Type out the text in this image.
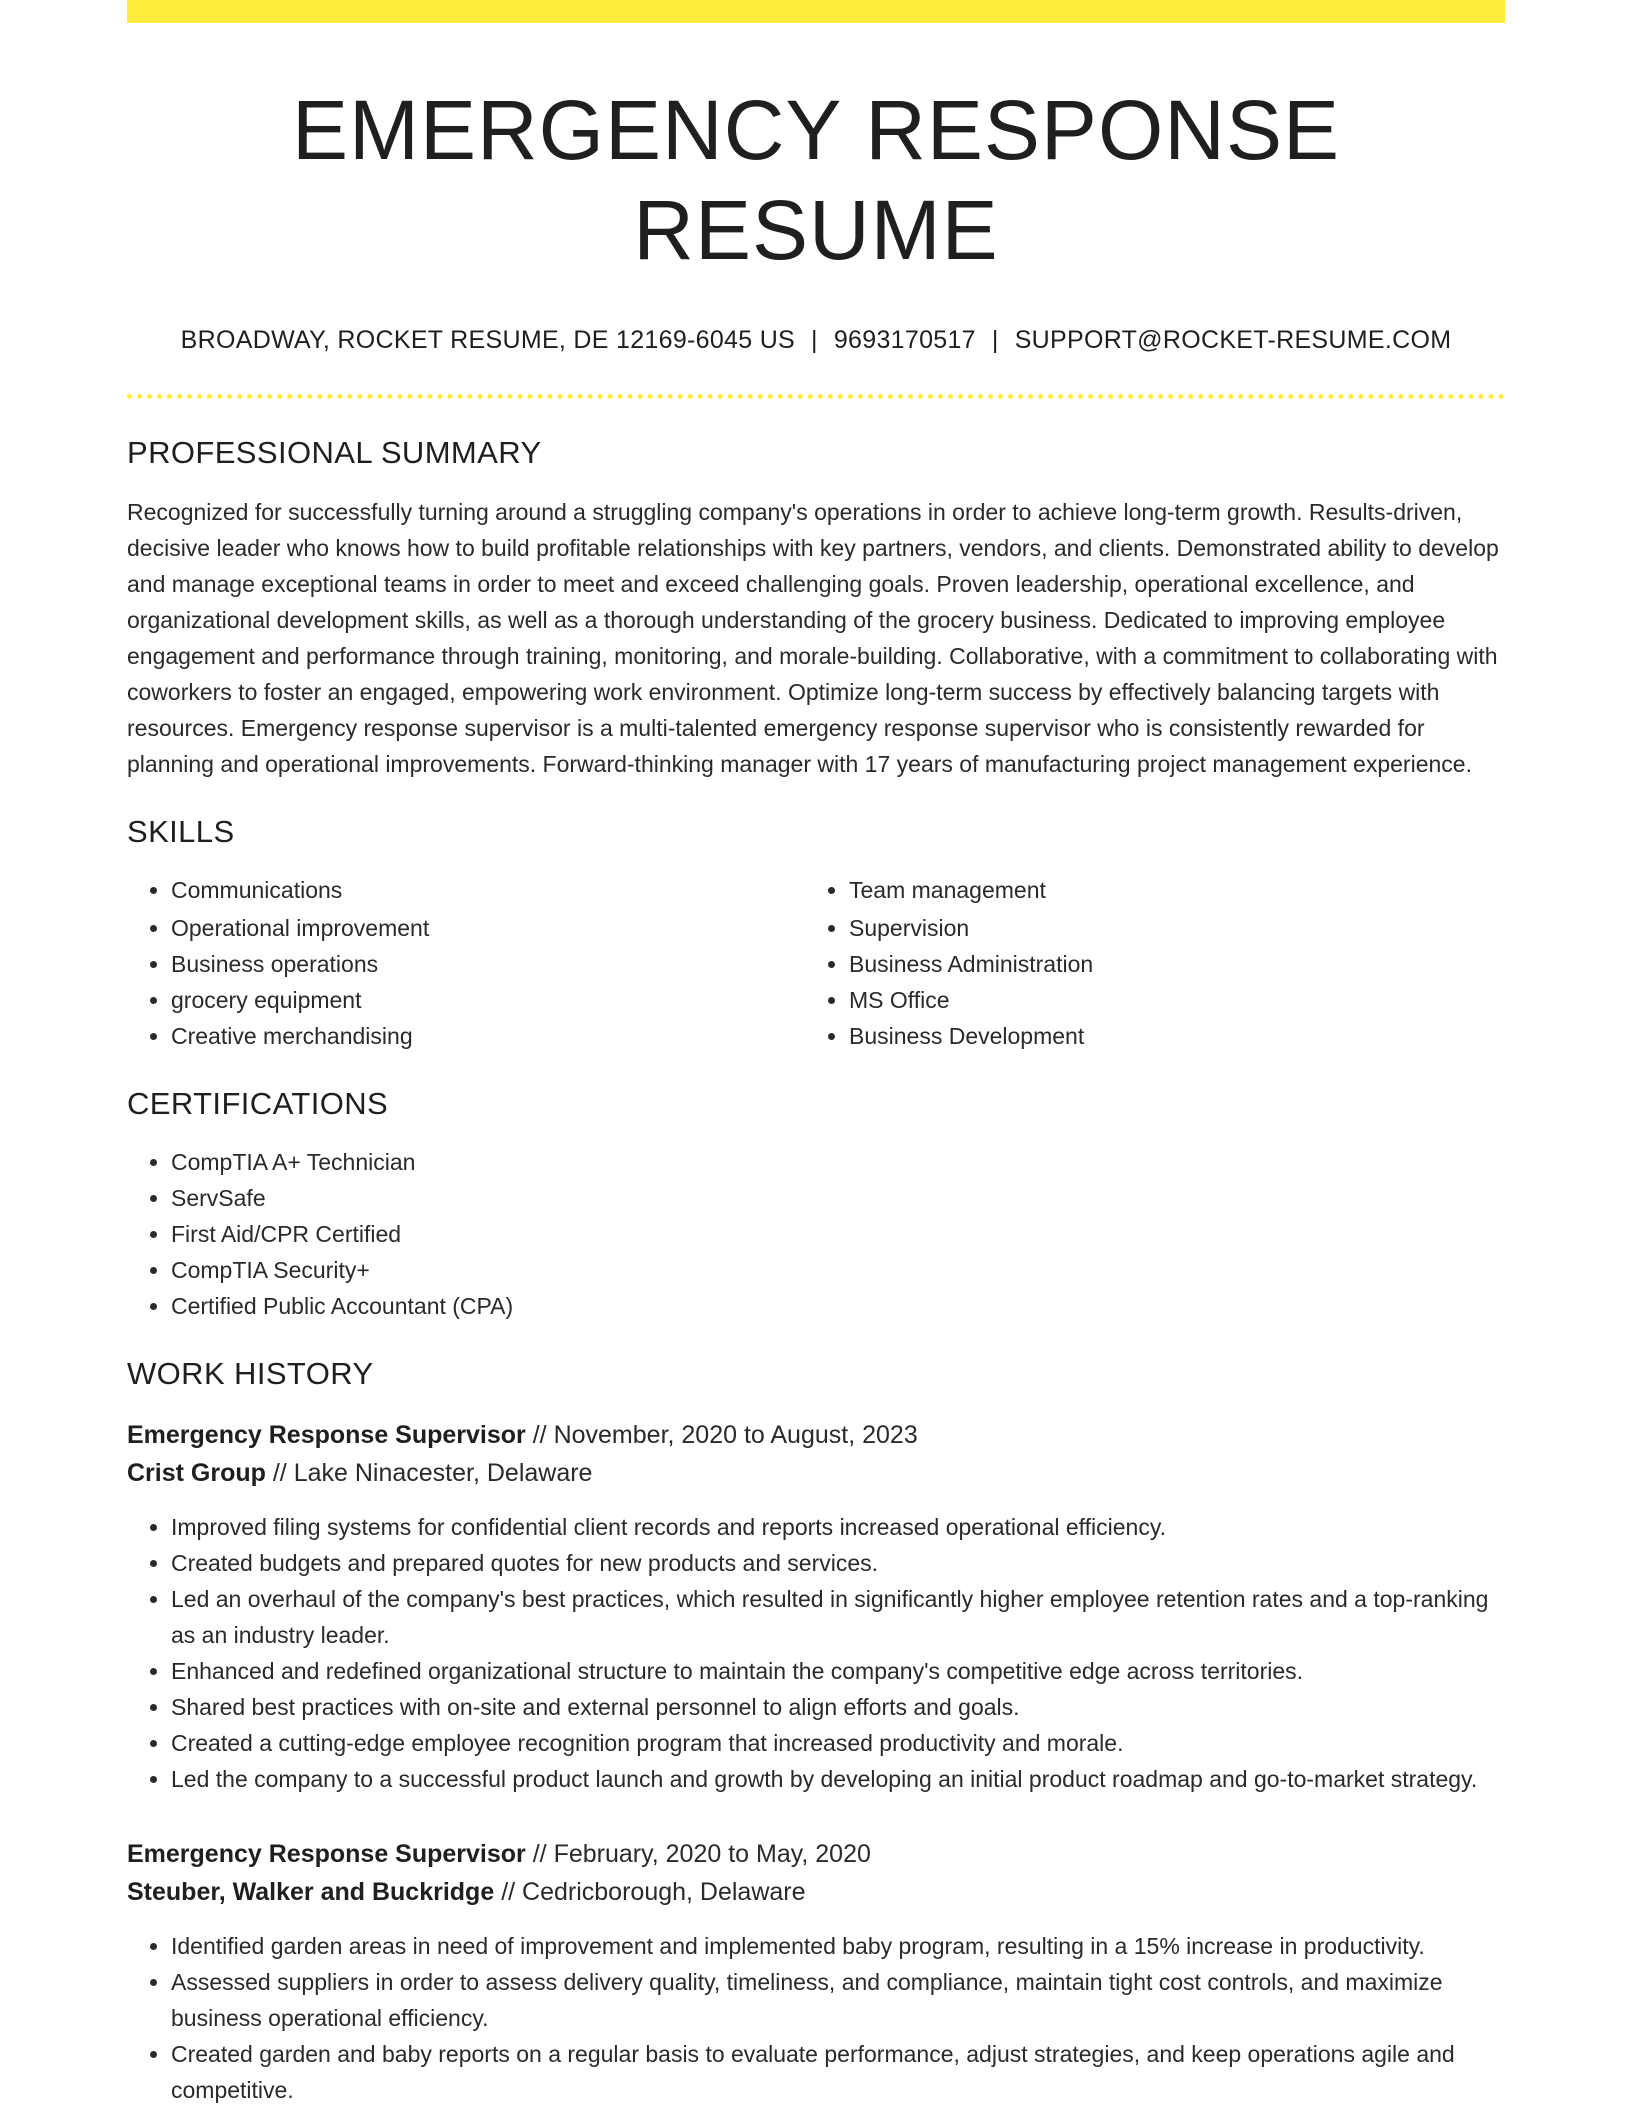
EMERGENCY RESPONSE RESUME
BROADWAY, ROCKET RESUME, DE 12169-6045 US | 9693170517 | SUPPORT@ROCKET-RESUME.COM
PROFESSIONAL SUMMARY

Recognized for successfully turning around a struggling company's operations in order to achieve long-term growth. Results-driven, decisive leader who knows how to build profitable relationships with key partners, vendors, and clients. Demonstrated ability to develop and manage exceptional teams in order to meet and exceed challenging goals. Proven leadership, operational excellence, and organizational development skills, as well as a thorough understanding of the grocery business. Dedicated to improving employee engagement and performance through training, monitoring, and morale-building. Collaborative, with a commitment to collaborating with coworkers to foster an engaged, empowering work environment. Optimize long-term success by effectively balancing targets with resources. Emergency response supervisor is a multi-talented emergency response supervisor who is consistently rewarded for planning and operational improvements. Forward-thinking manager with 17 years of manufacturing project management experience.

SKILLS
• Communications
• Operational improvement
• Business operations
• grocery equipment
• Creative merchandising
• Team management
• Supervision
• Business Administration
• MS Office
• Business Development
CERTIFICATIONS
• CompTIA A+ Technician
• ServSafe
• First Aid/CPR Certified
• CompTIA Security+
• Certified Public Accountant (CPA)
WORK HISTORY
Emergency Response Supervisor // November, 2020 to August, 2023
Crist Group // Lake Ninacester, Delaware
• Improved filing systems for confidential client records and reports increased operational efficiency.
• Created budgets and prepared quotes for new products and services.
• Led an overhaul of the company's best practices, which resulted in significantly higher employee retention rates and a top-ranking as an industry leader.
• Enhanced and redefined organizational structure to maintain the company's competitive edge across territories.
• Shared best practices with on-site and external personnel to align efforts and goals.
• Created a cutting-edge employee recognition program that increased productivity and morale.
• Led the company to a successful product launch and growth by developing an initial product roadmap and go-to-market strategy.
Emergency Response Supervisor // February, 2020 to May, 2020
Steuber, Walker and Buckridge // Cedricborough, Delaware
• Identified garden areas in need of improvement and implemented baby program, resulting in a 15% increase in productivity.
• Assessed suppliers in order to assess delivery quality, timeliness, and compliance, maintain tight cost controls, and maximize business operational efficiency.
• Created garden and baby reports on a regular basis to evaluate performance, adjust strategies, and keep operations agile and competitive.
